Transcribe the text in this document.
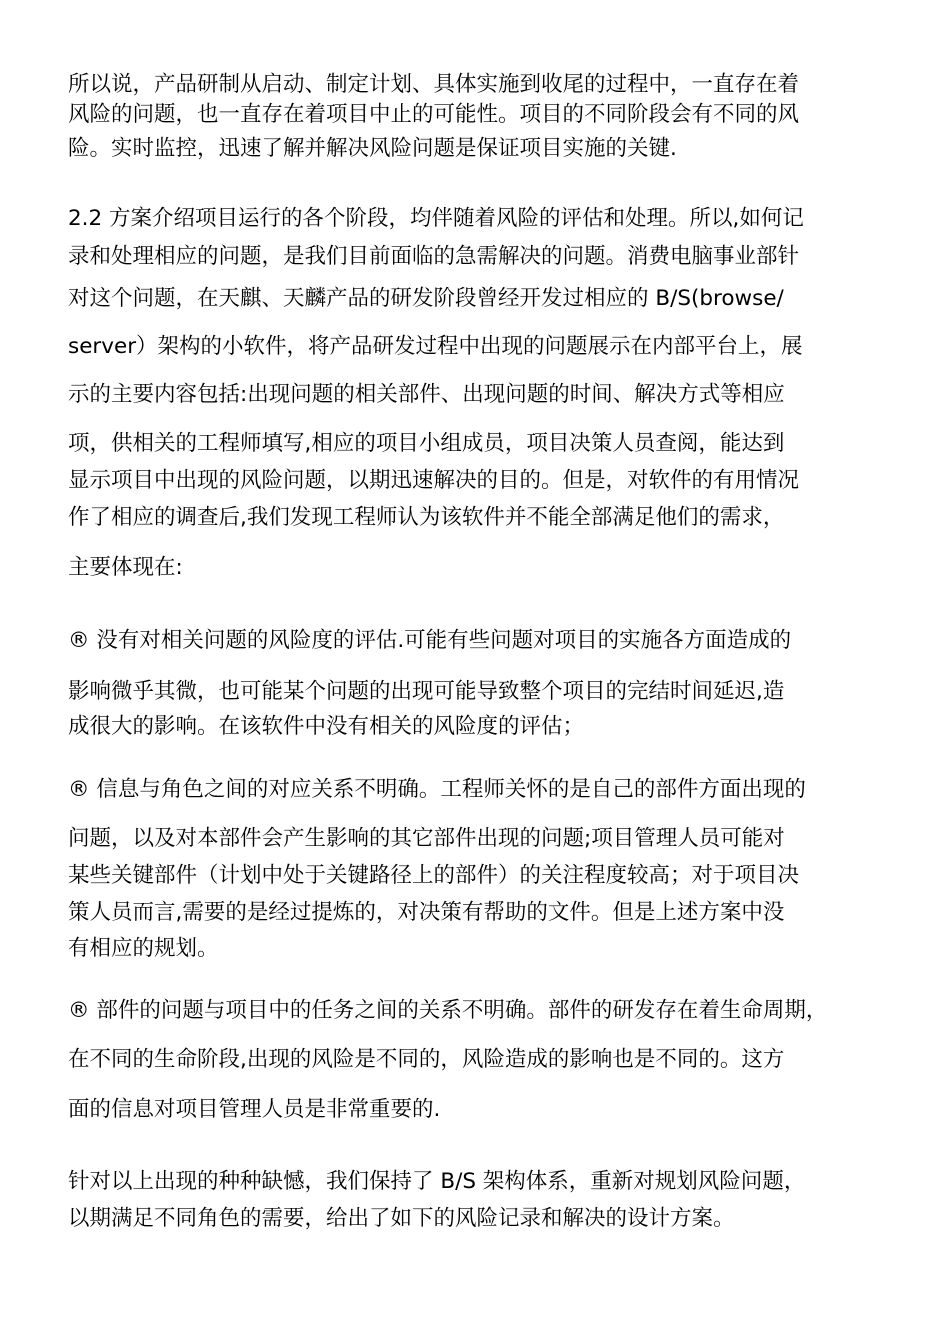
所以说，产品研制从启动、制定计划、具体实施到收尾的过程中，一直存在着

风险的问题，也一直存在着项目中止的可能性。项目的不同阶段会有不同的风

险。实时监控，迅速了解并解决风险问题是保证项目实施的关键.

2.2 方案介绍项目运行的各个阶段，均伴随着风险的评估和处理。所以,如何记

录和处理相应的问题，是我们目前面临的急需解决的问题。消费电脑事业部针

对这个问题，在天麒、天麟产品的研发阶段曾经开发过相应的 B/S(browse/

server）架构的小软件，将产品研发过程中出现的问题展示在内部平台上，展

示的主要内容包括:出现问题的相关部件、出现问题的时间、解决方式等相应

项，供相关的工程师填写,相应的项目小组成员，项目决策人员查阅，能达到

显示项目中出现的风险问题，以期迅速解决的目的。但是，对软件的有用情况

作了相应的调查后,我们发现工程师认为该软件并不能全部满足他们的需求，

主要体现在:

® 没有对相关问题的风险度的评估.可能有些问题对项目的实施各方面造成的

影响微乎其微，也可能某个问题的出现可能导致整个项目的完结时间延迟,造

成很大的影响。在该软件中没有相关的风险度的评估；

® 信息与角色之间的对应关系不明确。工程师关怀的是自己的部件方面出现的

问题，以及对本部件会产生影响的其它部件出现的问题;项目管理人员可能对

某些关键部件（计划中处于关键路径上的部件）的关注程度较高；对于项目决

策人员而言,需要的是经过提炼的，对决策有帮助的文件。但是上述方案中没

有相应的规划。

® 部件的问题与项目中的任务之间的关系不明确。部件的研发存在着生命周期，

在不同的生命阶段,出现的风险是不同的，风险造成的影响也是不同的。这方

面的信息对项目管理人员是非常重要的.

针对以上出现的种种缺憾，我们保持了 B/S 架构体系，重新对规划风险问题，

以期满足不同角色的需要，给出了如下的风险记录和解决的设计方案。
